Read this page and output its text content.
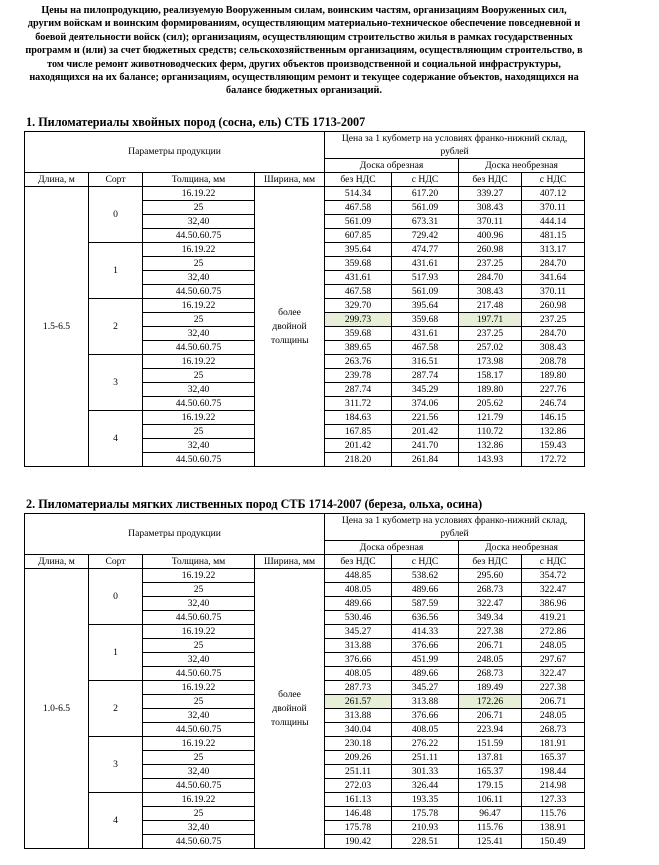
Цены на пилопродукцию, реализуемую Вооруженным силам, воинским частям, организациям Вооруженных сил, другим войскам и воинским формированиям, осуществляющим материально-техническое обеспечение повседневной и боевой деятельности войск (сил); организациям, осуществляющим строительство жилья в рамках государственных программ и (или) за счет бюджетных средств; сельскохозяйственным организациям, осуществляющим строительство, в том числе ремонт животноводческих ферм, других объектов производственной и социальной инфраструктуры, находящихся на их балансе; организациям, осуществляющим ремонт и текущее содержание объектов, находящихся на балансе бюджетных организаций.
1. Пиломатериалы хвойных пород (сосна, ель) СТБ 1713-2007
Параметры продукции				Цена за 1 кубометр на условиях франко-нижний склад, рублей			
				Доска обрезная		Доска необрезная	
Длина, м	Сорт	Толщина, мм	Ширина, мм	без НДС	с НДС	без НДС	с НДС
1.5-6.5	0	16.19.22	более двойной толщины	514.34	617.20	339.27	407.12
		25		467.58	561.09	308.43	370.11
		32,40		561.09	673.31	370.11	444.14
		44.50.60.75		607.85	729.42	400.96	481.15
	1	16.19.22		395.64	474.77	260.98	313.17
		25		359.68	431.61	237.25	284.70
		32,40		431.61	517.93	284.70	341.64
		44.50.60.75		467.58	561.09	308.43	370.11
	2	16.19.22		329.70	395.64	217.48	260.98
		25		299.73	359.68	197.71	237.25
		32,40		359.68	431.61	237.25	284.70
		44.50.60.75		389.65	467.58	257.02	308.43
	3	16.19.22		263.76	316.51	173.98	208.78
		25		239.78	287.74	158.17	189.80
		32,40		287.74	345.29	189.80	227.76
		44.50.60.75		311.72	374.06	205.62	246.74
	4	16.19.22		184.63	221.56	121.79	146.15
		25		167.85	201.42	110.72	132.86
		32,40		201.42	241.70	132.86	159.43
		44.50.60.75		218.20	261.84	143.93	172.72
2. Пиломатериалы мягких лиственных пород СТБ 1714-2007 (береза, ольха, осина)
Параметры продукции				Цена за 1 кубометр на условиях франко-нижний склад, рублей			
				Доска обрезная		Доска необрезная	
Длина, м	Сорт	Толщина, мм	Ширина, мм	без НДС	с НДС	без НДС	с НДС
1.0-6.5	0	16.19.22	более двойной толщины	448.85	538.62	295.60	354.72
		25		408.05	489.66	268.73	322.47
		32,40		489.66	587.59	322.47	386.96
		44.50.60.75		530.46	636.56	349.34	419.21
	1	16.19.22		345.27	414.33	227.38	272.86
		25		313.88	376.66	206.71	248.05
		32,40		376.66	451.99	248.05	297.67
		44.50.60.75		408.05	489.66	268.73	322.47
	2	16.19.22		287.73	345.27	189.49	227.38
		25		261.57	313.88	172.26	206.71
		32,40		313.88	376.66	206.71	248.05
		44.50.60.75		340.04	408.05	223.94	268.73
	3	16.19.22		230.18	276.22	151.59	181.91
		25		209.26	251.11	137.81	165.37
		32,40		251.11	301.33	165.37	198.44
		44.50.60.75		272.03	326.44	179.15	214.98
	4	16.19.22		161.13	193.35	106.11	127.33
		25		146.48	175.78	96.47	115.76
		32,40		175.78	210.93	115.76	138.91
		44.50.60.75		190.42	228.51	125.41	150.49
